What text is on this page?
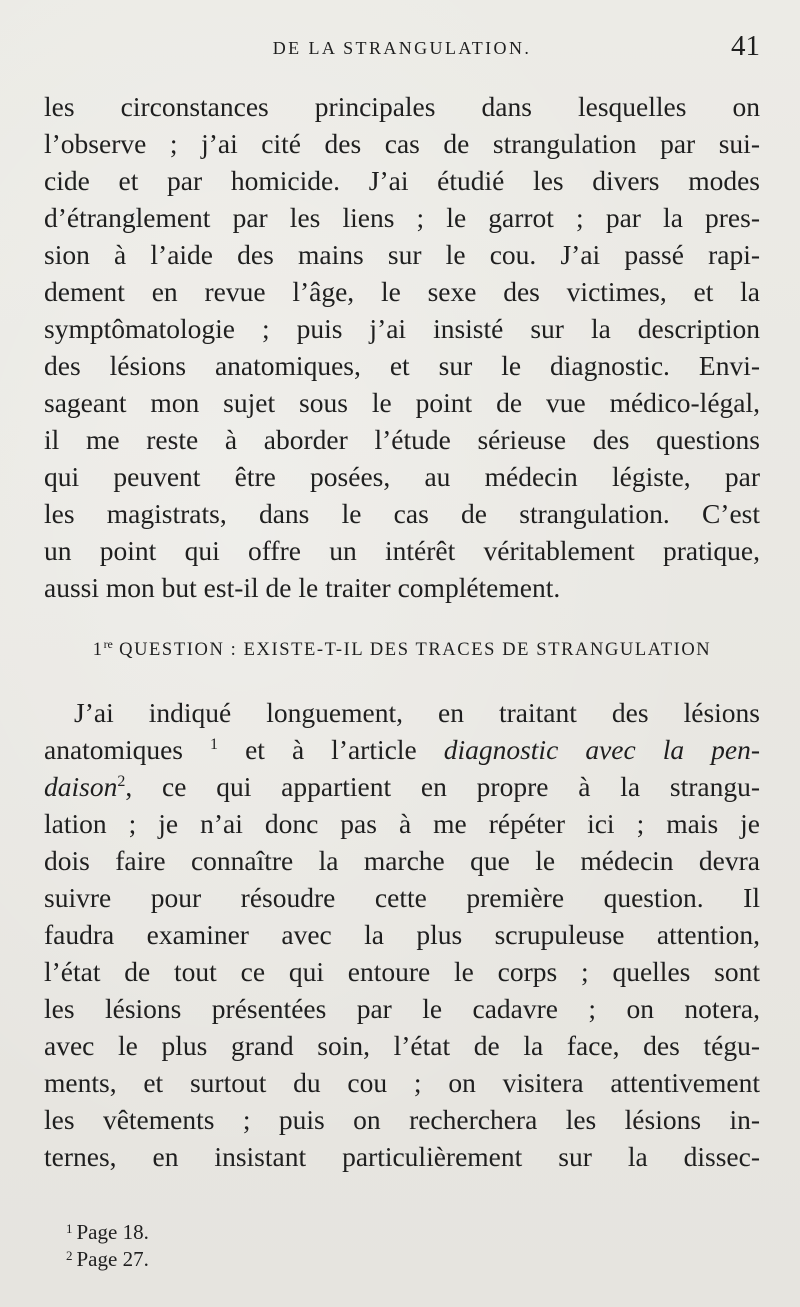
DE LA STRANGULATION.	41
les circonstances principales dans lesquelles on
l’observe ; j’ai cité des cas de strangulation par sui-
cide et par homicide. J’ai étudié les divers modes
d’étranglement par les liens ; le garrot ; par la pres-
sion à l’aide des mains sur le cou. J’ai passé rapi-
dement en revue l’âge, le sexe des victimes, et la
symptômatologie ; puis j’ai insisté sur la description
des lésions anatomiques, et sur le diagnostic. Envi-
sageant mon sujet sous le point de vue médico-légal,
il me reste à aborder l’étude sérieuse des questions
qui peuvent être posées, au médecin légiste, par
les magistrats, dans le cas de strangulation. C’est
un point qui offre un intérêt véritablement pratique,
aussi mon but est-il de le traiter complétement.
1re QUESTION : EXISTE-T-IL DES TRACES DE STRANGULATION
J’ai indiqué longuement, en traitant des lésions
anatomiques $^1$ et à l’article diagnostic avec la pen-
daison$^2$, ce qui appartient en propre à la strangu-
lation ; je n’ai donc pas à me répéter ici ; mais je
dois faire connaître la marche que le médecin devra
suivre pour résoudre cette première question. Il
faudra examiner avec la plus scrupuleuse attention,
l’état de tout ce qui entoure le corps ; quelles sont
les lésions présentées par le cadavre ; on notera,
avec le plus grand soin, l’état de la face, des tégu-
ments, et surtout du cou ; on visitera attentivement
les vêtements ; puis on recherchera les lésions in-
ternes, en insistant particulièrement sur la dissec-
$^1$ Page 18.
$^2$ Page 27.
